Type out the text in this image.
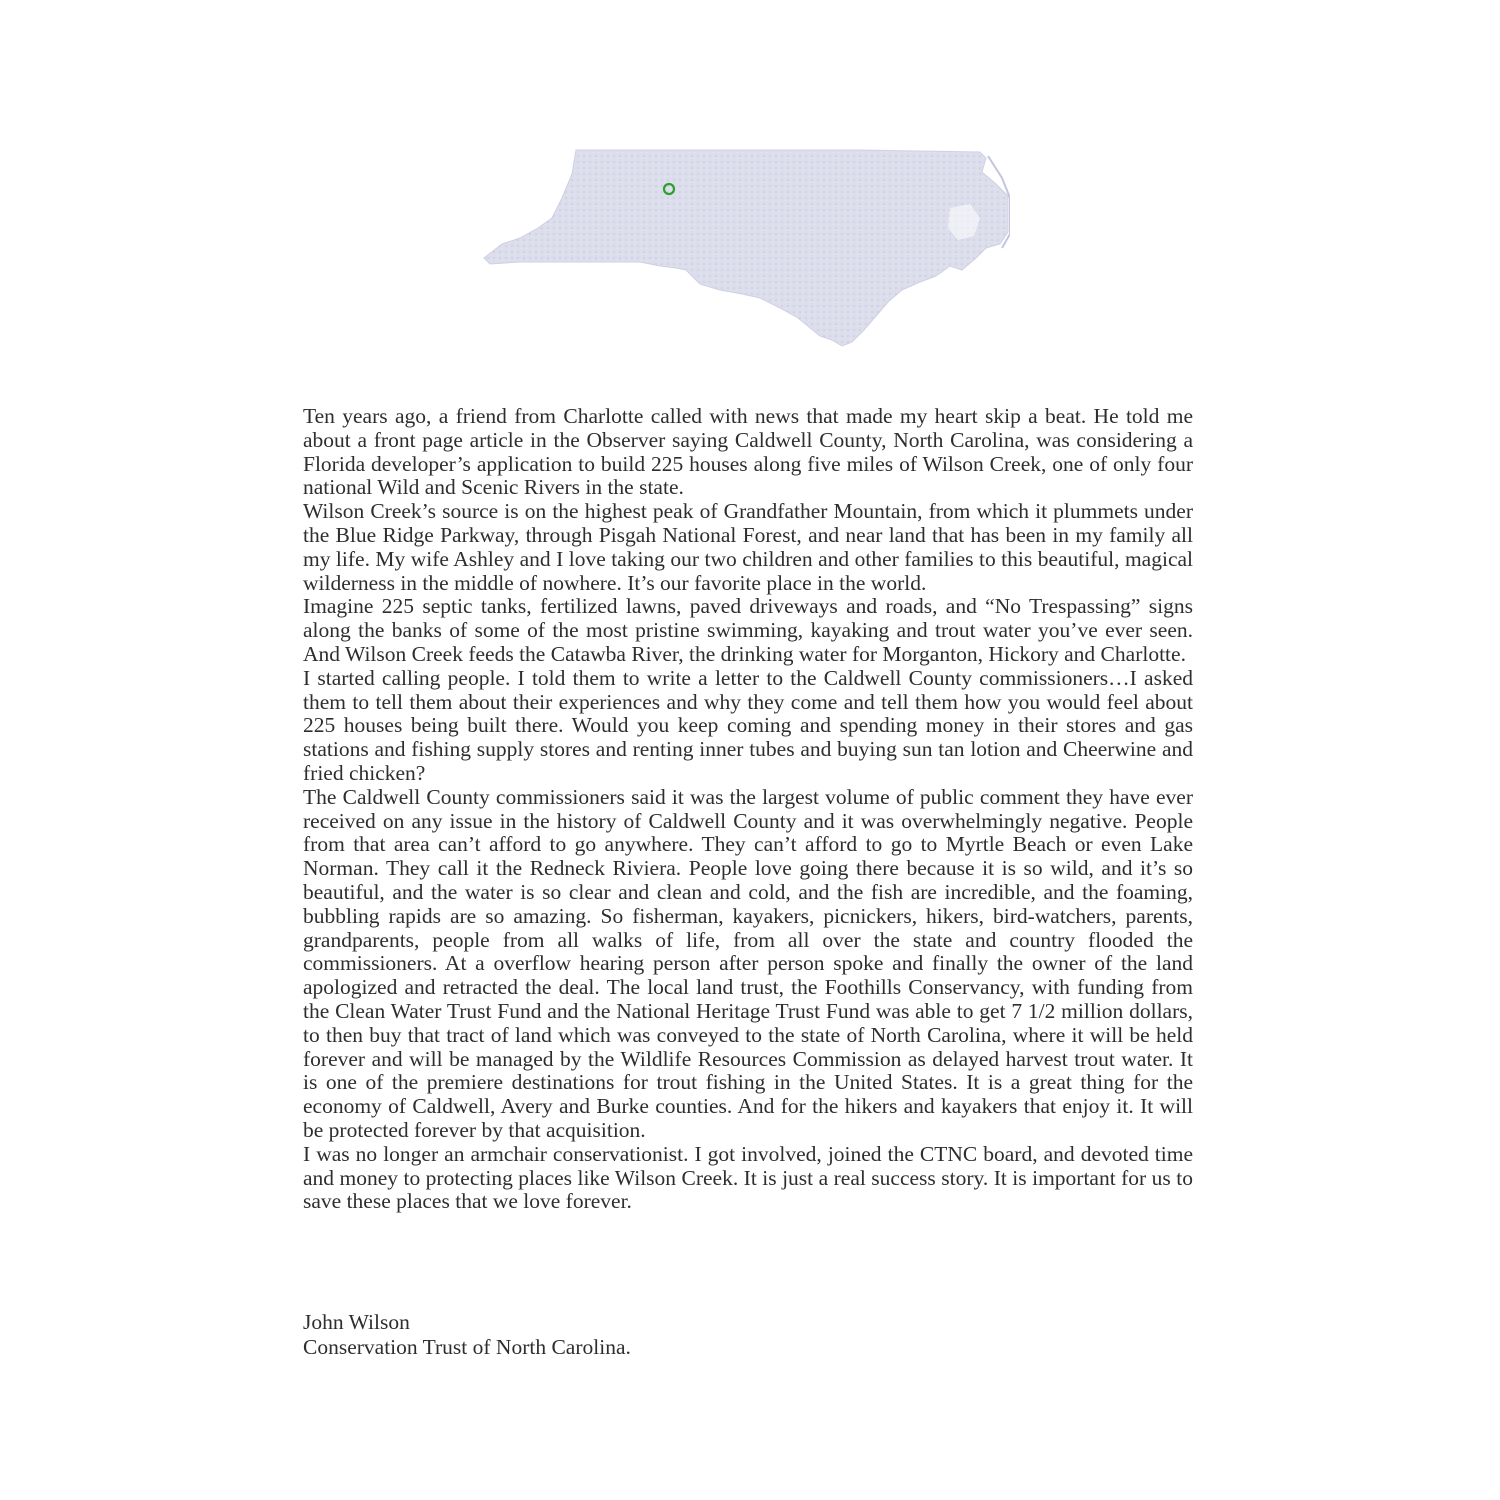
Ten years ago, a friend from Charlotte called with news that made my heart skip a beat. He told me about a front page article in the Observer saying Caldwell County, North Carolina, was considering a Florida developer’s application to build 225 houses along five miles of Wilson Creek, one of only four national Wild and Scenic Rivers in the state.

Wilson Creek’s source is on the highest peak of Grandfather Mountain, from which it plummets under the Blue Ridge Parkway, through Pisgah National Forest, and near land that has been in my family all my life. My wife Ashley and I love taking our two children and other families to this beautiful, magical wilderness in the middle of nowhere. It’s our favorite place in the world.

Imagine 225 septic tanks, fertilized lawns, paved driveways and roads, and “No Trespassing” signs along the banks of some of the most pristine swimming, kayaking and trout water you’ve ever seen. And Wilson Creek feeds the Catawba River, the drinking water for Morganton, Hickory and Charlotte.

I started calling people. I told them to write a letter to the Caldwell County commissioners…I asked them to tell them about their experiences and why they come and tell them how you would feel about 225 houses being built there. Would you keep coming and spending money in their stores and gas stations and fishing supply stores and renting inner tubes and buying sun tan lotion and Cheerwine and fried chicken?

The Caldwell County commissioners said it was the largest volume of public comment they have ever received on any issue in the history of Caldwell County and it was overwhelmingly negative. People from that area can’t afford to go anywhere. They can’t afford to go to Myrtle Beach or even Lake Norman. They call it the Redneck Riviera. People love going there because it is so wild, and it’s so beautiful, and the water is so clear and clean and cold, and the fish are incredible, and the foaming, bubbling rapids are so amazing. So fisherman, kayakers, picnickers, hikers, bird-watchers, parents, grandparents, people from all walks of life, from all over the state and country flooded the commissioners. At a overflow hearing person after person spoke and finally the owner of the land apologized and retracted the deal. The local land trust, the Foothills Conservancy, with funding from the Clean Water Trust Fund and the National Heritage Trust Fund was able to get 7 1/2 million dollars, to then buy that tract of land which was conveyed to the state of North Carolina, where it will be held forever and will be managed by the Wildlife Resources Commission as delayed harvest trout water. It is one of the premiere destinations for trout fishing in the United States. It is a great thing for the economy of Caldwell, Avery and Burke counties. And for the hikers and kayakers that enjoy it. It will be protected forever by that acquisition.

I was no longer an armchair conservationist. I got involved, joined the CTNC board, and devoted time and money to protecting places like Wilson Creek. It is just a real success story. It is important for us to save these places that we love forever.

John Wilson
Conservation Trust of North Carolina.
